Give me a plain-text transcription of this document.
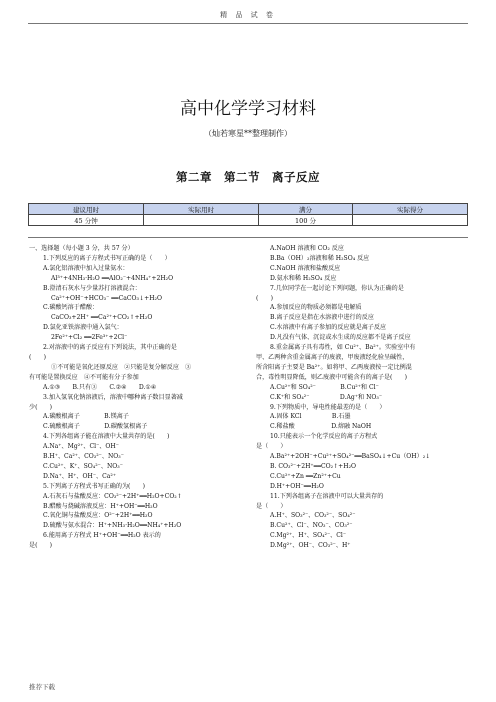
精 品 试 卷
高中化学学习材料
（灿若寒星**整理制作）
第二章　第二节　离子反应
建议用时	实际用时	满分	实际得分
45 分钟		100 分	
一、选择题（每小题 3 分，共 57 分）
1.下列反应的离子方程式书写正确的是（　　）
A.氯化铝溶液中加入过量氨水：
Al³⁺+4NH₃·H₂O ══AlO₂⁻+4NH₄⁺+2H₂O
B.澄清石灰水与少量苏打溶液混合：
Ca²⁺+OH⁻+HCO₃⁻ ══CaCO₃↓+H₂O
C.碳酸钙溶于醋酸：
CaCO₃+2H⁺ ══Ca²⁺+CO₂↑+H₂O
D.氯化亚铁溶液中通入氯气：
2Fe²⁺+Cl₂ ══2Fe³⁺+2Cl⁻
2.对溶液中的离子反应有下列说法，其中正确的是
(　　)
①不可能是氧化还原反应　②只能是复分解反应　③
有可能是置换反应　④不可能有分子参加
A.①③　　B.只有③　　C.②④　　D.①④
3.加入氢氧化钠溶液后，溶液中哪种离子数目显著减
少(　　)
A.碳酸根离子　　　　B.镁离子
C.硫酸根离子　　　　D.碳酸氢根离子
4.下列各组离子能在溶液中大量共存的是(　　)
A.Na⁺、Mg²⁺、Cl⁻、OH⁻
B.H⁺、Ca²⁺、CO₃²⁻、NO₃⁻
C.Cu²⁺、K⁺、SO₄²⁻、NO₃⁻
D.Na⁺、H⁺、OH⁻、Ca²⁺
5.下列离子方程式书写正确的为(　　)
A.石灰石与盐酸反应：CO₃²⁻+2H⁺══H₂O+CO₂↑
B.醋酸与烧碱溶液反应：H⁺+OH⁻══H₂O
C.氧化铜与盐酸反应：O²⁻+2H⁺══H₂O
D.硫酸与氨水混合：H⁺+NH₃·H₂O══NH₄⁺+H₂O
6.能用离子方程式 H⁺+OH⁻══H₂O 表示的
是(　　)
A.NaOH 溶液和 CO₂ 反应
B.Ba（OH）₂溶液和稀 H₂SO₄ 反应
C.NaOH 溶液和盐酸反应
D.氨水和稀 H₂SO₄ 反应
7.几位同学在一起讨论下列问题，你认为正确的是
(　　)
A.参加反应的物质必须都是电解质
B.离子反应是指在水溶液中进行的反应
C.水溶液中有离子参加的反应就是离子反应
D.凡没有气体、沉淀或水生成的反应都不是离子反应
8.重金属离子具有毒性，如 Cu²⁺、Ba²⁺。实验室中有
甲、乙两种含重金属离子的废液，甲废液经化验呈碱性，
所含阳离子主要是 Ba²⁺。如将甲、乙两废液按一定比例混
合，毒性明显降低，则乙废液中可能含有的离子是(　　)
A.Cu²⁺和 SO₄²⁻　　　　B.Cu²⁺和 Cl⁻
C.K⁺和 SO₄²⁻　　　　　D.Ag⁺和 NO₃⁻
9.下列物质中，导电性能最差的是（　　）
A.固体 KCl　　　　　B.石墨
C.稀盐酸　　　　　　D.熔融 NaOH
10.只能表示一个化学反应的离子方程式
是（　　）
A.Ba²⁺+2OH⁻+Cu²⁺+SO₄²⁻══BaSO₄↓+Cu（OH）₂↓
B. CO₃²⁻+2H⁺══CO₂↑+H₂O
C.Cu²⁺+Zn ══Zn²⁺+Cu
D.H⁺+OH⁻══H₂O
11.下列各组离子在溶液中可以大量共存的
是（　　）
A.H⁺、SO₃²⁻、CO₃²⁻、SO₄²⁻
B.Cu²⁺、Cl⁻、NO₃⁻、CO₃²⁻
C.Mg²⁺、H⁺、SO₄²⁻、Cl⁻
D.Mg²⁺、OH⁻、CO₃²⁻、H⁺
推荐下载
